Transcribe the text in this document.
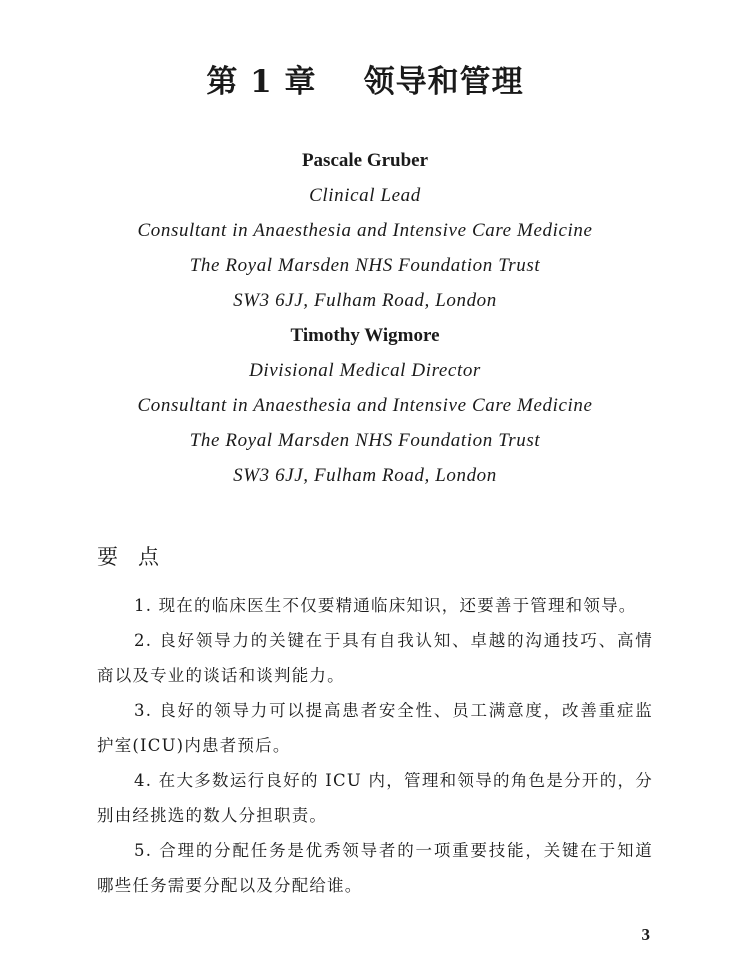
第 1 章    领导和管理
Pascale Gruber
Clinical Lead
Consultant in Anaesthesia and Intensive Care Medicine
The Royal Marsden NHS Foundation Trust
SW3 6JJ, Fulham Road, London
Timothy Wigmore
Divisional Medical Director
Consultant in Anaesthesia and Intensive Care Medicine
The Royal Marsden NHS Foundation Trust
SW3 6JJ, Fulham Road, London
要   点

1. 现在的临床医生不仅要精通临床知识，还要善于管理和领导。

2. 良好领导力的关键在于具有自我认知、卓越的沟通技巧、高情商以及专业的谈话和谈判能力。

3. 良好的领导力可以提高患者安全性、员工满意度，改善重症监护室(ICU)内患者预后。

4. 在大多数运行良好的 ICU 内，管理和领导的角色是分开的，分别由经挑选的数人分担职责。

5. 合理的分配任务是优秀领导者的一项重要技能，关键在于知道哪些任务需要分配以及分配给谁。

3
